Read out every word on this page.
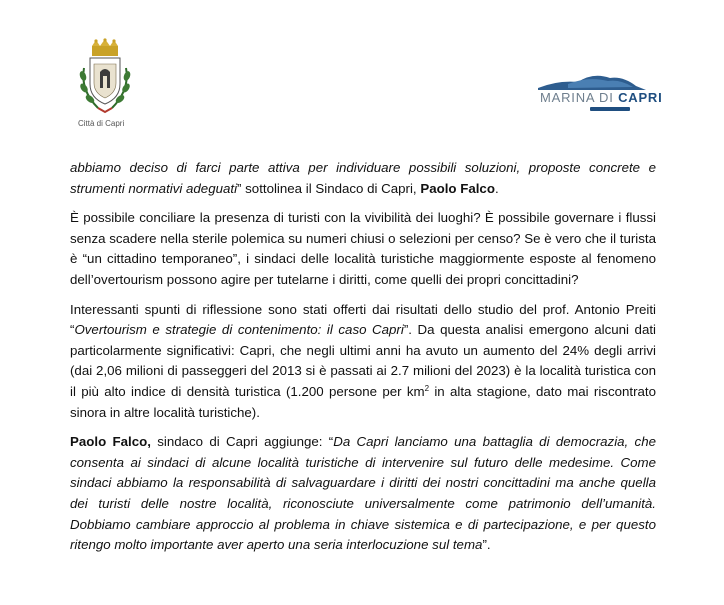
Città di Capri
MARINA DI CAPRI

abbiamo deciso di farci parte attiva per individuare possibili soluzioni, proposte concrete e strumenti normativi adeguati” sottolinea il Sindaco di Capri, Paolo Falco.

È possibile conciliare la presenza di turisti con la vivibilità dei luoghi? È possibile governare i flussi senza scadere nella sterile polemica su numeri chiusi o selezioni per censo? Se è vero che il turista è “un cittadino temporaneo”, i sindaci delle località turistiche maggiormente esposte al fenomeno dell’overtourism possono agire per tutelarne i diritti, come quelli dei propri concittadini?

Interessanti spunti di riflessione sono stati offerti dai risultati dello studio del prof. Antonio Preiti “Overtourism e strategie di contenimento: il caso Capri”. Da questa analisi emergono alcuni dati particolarmente significativi: Capri, che negli ultimi anni ha avuto un aumento del 24% degli arrivi (dai 2,06 milioni di passeggeri del 2013 si è passati ai 2.7 milioni del 2023) è la località turistica con il più alto indice di densità turistica (1.200 persone per $km^2$ in alta stagione, dato mai riscontrato sinora in altre località turistiche).

Paolo Falco, sindaco di Capri aggiunge: “Da Capri lanciamo una battaglia di democrazia, che consenta ai sindaci di alcune località turistiche di intervenire sul futuro delle medesime. Come sindaci abbiamo la responsabilità di salvaguardare i diritti dei nostri concittadini ma anche quella dei turisti delle nostre località, riconosciute universalmente come patrimonio dell’umanità. Dobbiamo cambiare approccio al problema in chiave sistemica e di partecipazione, e per questo ritengo molto importante aver aperto una seria interlocuzione sul tema”.
